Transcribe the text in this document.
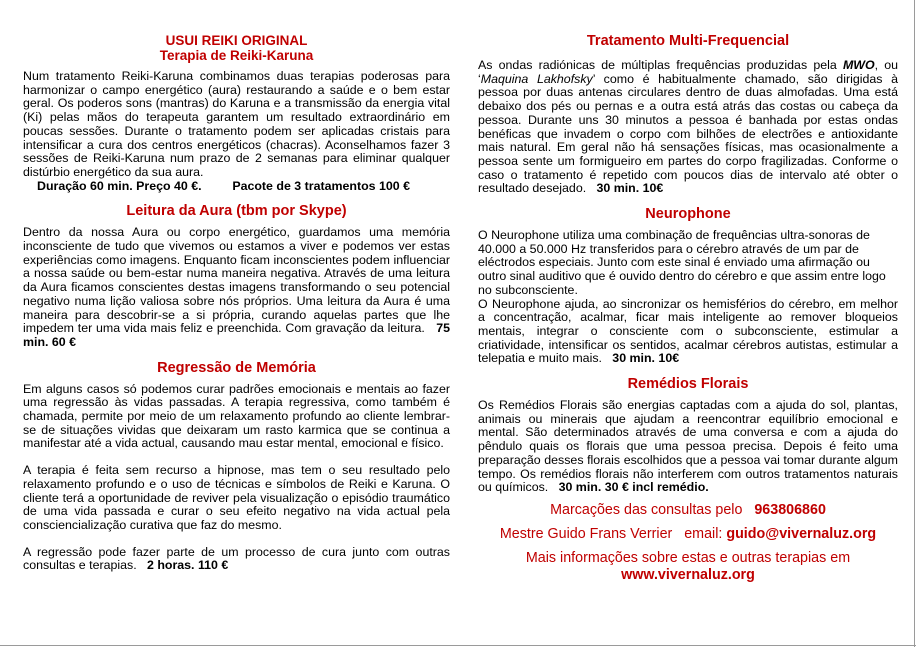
USUI REIKI ORIGINAL
Terapia de Reiki-Karuna

Num tratamento Reiki-Karuna combinamos duas terapias poderosas para harmonizar o campo energético (aura) restaurando a saúde e o bem estar geral. Os poderos sons (mantras) do Karuna e a transmissão da energia vital (Ki) pelas mãos do terapeuta garantem um resultado extraordinário em poucas sessões. Durante o tratamento podem ser aplicadas cristais para intensificar a cura dos centros energéticos (chacras). Aconselhamos fazer 3 sessões de Reiki-Karuna num prazo de 2 semanas para eliminar qualquer distúrbio energético da sua aura.

Duração 60 min. Preço 40 €. Pacote de 3 tratamentos 100 €
Leitura da Aura (tbm por Skype)

Dentro da nossa Aura ou corpo energético, guardamos uma memória inconsciente de tudo que vivemos ou estamos a viver e podemos ver estas experiências como imagens. Enquanto ficam inconscientes podem influenciar a nossa saúde ou bem-estar numa maneira negativa. Através de uma leitura da Aura ficamos conscientes destas imagens transformando o seu potencial negativo numa lição valiosa sobre nós próprios. Uma leitura da Aura é uma maneira para descobrir-se a si própria, curando aquelas partes que lhe impedem ter uma vida mais feliz e preenchida. Com gravação da leitura. 75 min. 60 €

Regressão de Memória

Em alguns casos só podemos curar padrões emocionais e mentais ao fazer uma regressão às vidas passadas. A terapia regressiva, como também é chamada, permite por meio de um relaxamento profundo ao cliente lembrar-se de situações vividas que deixaram um rasto karmica que se continua a manifestar até a vida actual, causando mau estar mental, emocional e físico.

A terapia é feita sem recurso a hipnose, mas tem o seu resultado pelo relaxamento profundo e o uso de técnicas e símbolos de Reiki e Karuna. O cliente terá a oportunidade de reviver pela visualização o episódio traumático de uma vida passada e curar o seu efeito negativo na vida actual pela consciencialização curativa que faz do mesmo.

A regressão pode fazer parte de um processo de cura junto com outras consultas e terapias. 2 horas. 110 €

Tratamento Multi-Frequencial

As ondas radiónicas de múltiplas frequências produzidas pela MWO, ou ‘Maquina Lakhofsky’ como é habitualmente chamado, são dirigidas à pessoa por duas antenas circulares dentro de duas almofadas. Uma está debaixo dos pés ou pernas e a outra está atrás das costas ou cabeça da pessoa. Durante uns 30 minutos a pessoa é banhada por estas ondas benéficas que invadem o corpo com bilhões de electrões e antioxidante mais natural. Em geral não há sensações físicas, mas ocasionalmente a pessoa sente um formigueiro em partes do corpo fragilizadas. Conforme o caso o tratamento é repetido com poucos dias de intervalo até obter o resultado desejado. 30 min. 10€

Neurophone

O Neurophone utiliza uma combinação de frequências ultra-sonoras de 40.000 a 50.000 Hz transferidos para o cérebro através de um par de eléctrodos especiais. Junto com este sinal é enviado uma afirmação ou outro sinal auditivo que é ouvido dentro do cérebro e que assim entre logo no subconsciente.

O Neurophone ajuda, ao sincronizar os hemisférios do cérebro, em melhor a concentração, acalmar, ficar mais inteligente ao remover bloqueios mentais, integrar o consciente com o subconsciente, estimular a criatividade, intensificar os sentidos, acalmar cérebros autistas, estimular a telepatia e muito mais. 30 min. 10€

Remédios Florais

Os Remédios Florais são energias captadas com a ajuda do sol, plantas, animais ou minerais que ajudam a reencontrar equilíbrio emocional e mental. São determinados através de uma conversa e com a ajuda do pêndulo quais os florais que uma pessoa precisa. Depois é feito uma preparação desses florais escolhidos que a pessoa vai tomar durante algum tempo. Os remédios florais não interferem com outros tratamentos naturais ou químicos. 30 min. 30 € incl remédio.

Marcações das consultas pelo 963806860
Mestre Guido Frans Verrier email: guido@vivernaluz.org
Mais informações sobre estas e outras terapias em
www.vivernaluz.org
